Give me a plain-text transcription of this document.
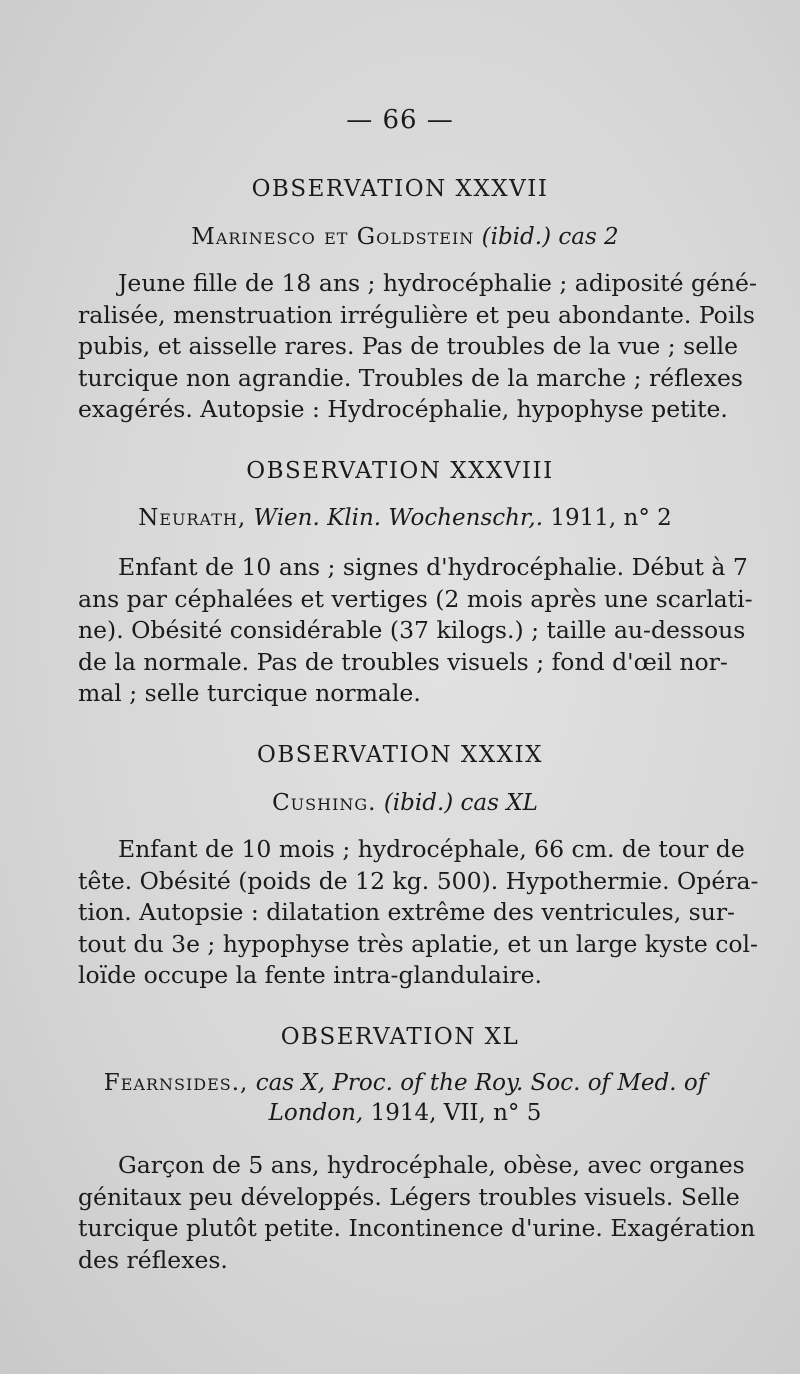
— 66 —
OBSERVATION XXXVII
Marinesco et Goldstein (ibid.) cas 2
Jeune fille de 18 ans ; hydrocéphalie ; adiposité géné-
ralisée, menstruation irrégulière et peu abondante. Poils
pubis, et aisselle rares. Pas de troubles de la vue ; selle
turcique non agrandie. Troubles de la marche ; réflexes
exagérés. Autopsie : Hydrocéphalie, hypophyse petite.
OBSERVATION XXXVIII
Neurath, Wien. Klin. Wochenschr,. 1911, n° 2
Enfant de 10 ans ; signes d'hydrocéphalie. Début à 7
ans par céphalées et vertiges (2 mois après une scarlati-
ne). Obésité considérable (37 kilogs.) ; taille au-dessous
de la normale. Pas de troubles visuels ; fond d'œil nor-
mal ; selle turcique normale.
OBSERVATION XXXIX
Cushing. (ibid.) cas XL
Enfant de 10 mois ; hydrocéphale, 66 cm. de tour de
tête. Obésité (poids de 12 kg. 500). Hypothermie. Opéra-
tion. Autopsie : dilatation extrême des ventricules, sur-
tout du 3e ; hypophyse très aplatie, et un large kyste col-
loïde occupe la fente intra-glandulaire.
OBSERVATION XL
Fearnsides., cas X, Proc. of the Roy. Soc. of Med. of
London, 1914, VII, n° 5
Garçon de 5 ans, hydrocéphale, obèse, avec organes
génitaux peu développés. Légers troubles visuels. Selle
turcique plutôt petite. Incontinence d'urine. Exagération
des réflexes.
